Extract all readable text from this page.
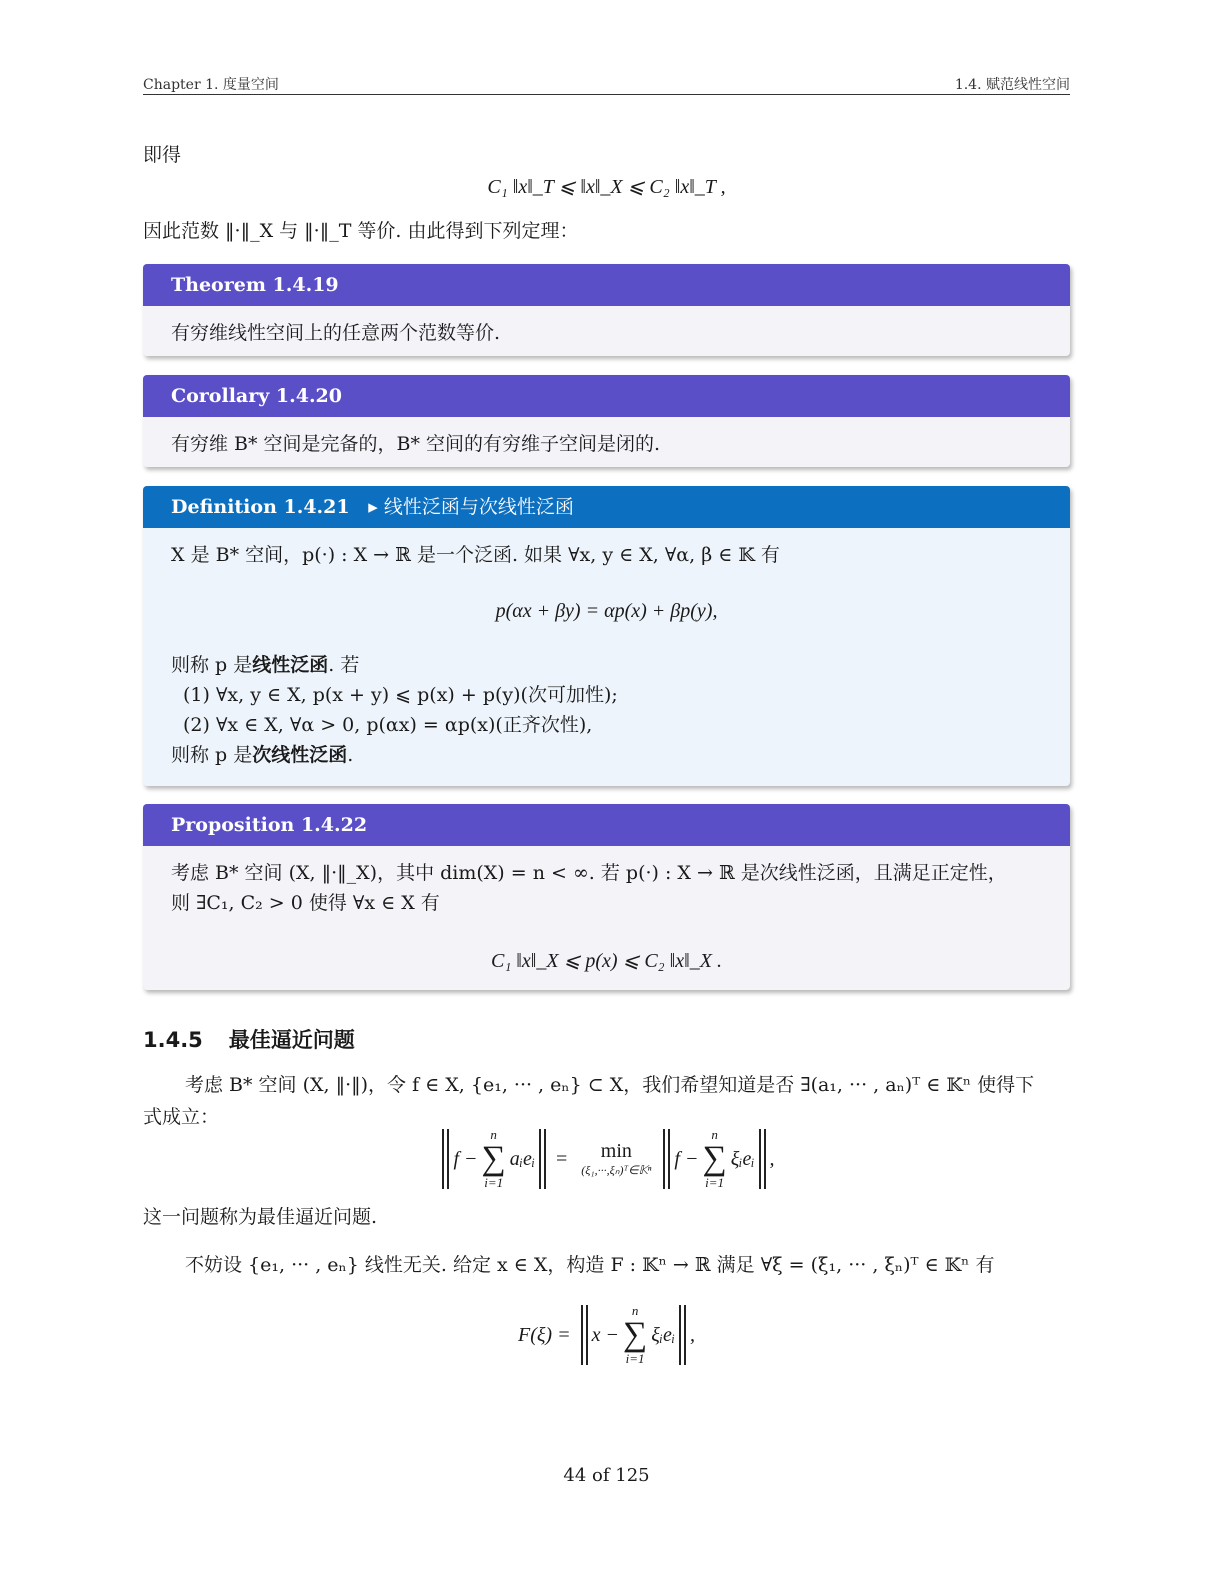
Chapter 1. 度量空间	1.4. 赋范线性空间
即得
C₁ ‖x‖_T ⩽ ‖x‖_X ⩽ C₂ ‖x‖_T ,
因此范数 ‖·‖_X 与 ‖·‖_T 等价. 由此得到下列定理：
Theorem 1.4.19
有穷维线性空间上的任意两个范数等价.
Corollary 1.4.20
有穷维 B* 空间是完备的，B* 空间的有穷维子空间是闭的.
Definition 1.4.21 ▸ 线性泛函与次线性泛函
X 是 B* 空间，p(·) : X → ℝ 是一个泛函. 如果 ∀x, y ∈ X, ∀α, β ∈ 𝕂 有
p(αx + βy) = αp(x) + βp(y),
则称 p 是线性泛函. 若
(1) ∀x, y ∈ X, p(x + y) ⩽ p(x) + p(y)(次可加性);
(2) ∀x ∈ X, ∀α > 0, p(αx) = αp(x)(正齐次性),
则称 p 是次线性泛函.
Proposition 1.4.22
考虑 B* 空间 (X, ‖·‖_X)，其中 dim(X) = n < ∞. 若 p(·) : X → ℝ 是次线性泛函，且满足正定性，
则 ∃C₁, C₂ > 0 使得 ∀x ∈ X 有
C₁ ‖x‖_X ⩽ p(x) ⩽ C₂ ‖x‖_X .
1.4.5 最佳逼近问题
考虑 B* 空间 (X, ‖·‖)，令 f ∈ X, {e₁, ··· , eₙ} ⊂ X，我们希望知道是否 ∃(a₁, ··· , aₙ)ᵀ ∈ 𝕂ⁿ 使得下
式成立：
f −
n
∑
i=1
aᵢeᵢ = min
(ξ₁,···,ξₙ)ᵀ∈𝕂ⁿ
f −
n
∑
i=1
ξᵢeᵢ ,
这一问题称为最佳逼近问题.
不妨设 {e₁, ··· , eₙ} 线性无关. 给定 x ∈ X，构造 F : 𝕂ⁿ → ℝ 满足 ∀ξ = (ξ₁, ··· , ξₙ)ᵀ ∈ 𝕂ⁿ 有
F(ξ) = x −
n
∑
i=1
ξᵢeᵢ ,
44 of 125
